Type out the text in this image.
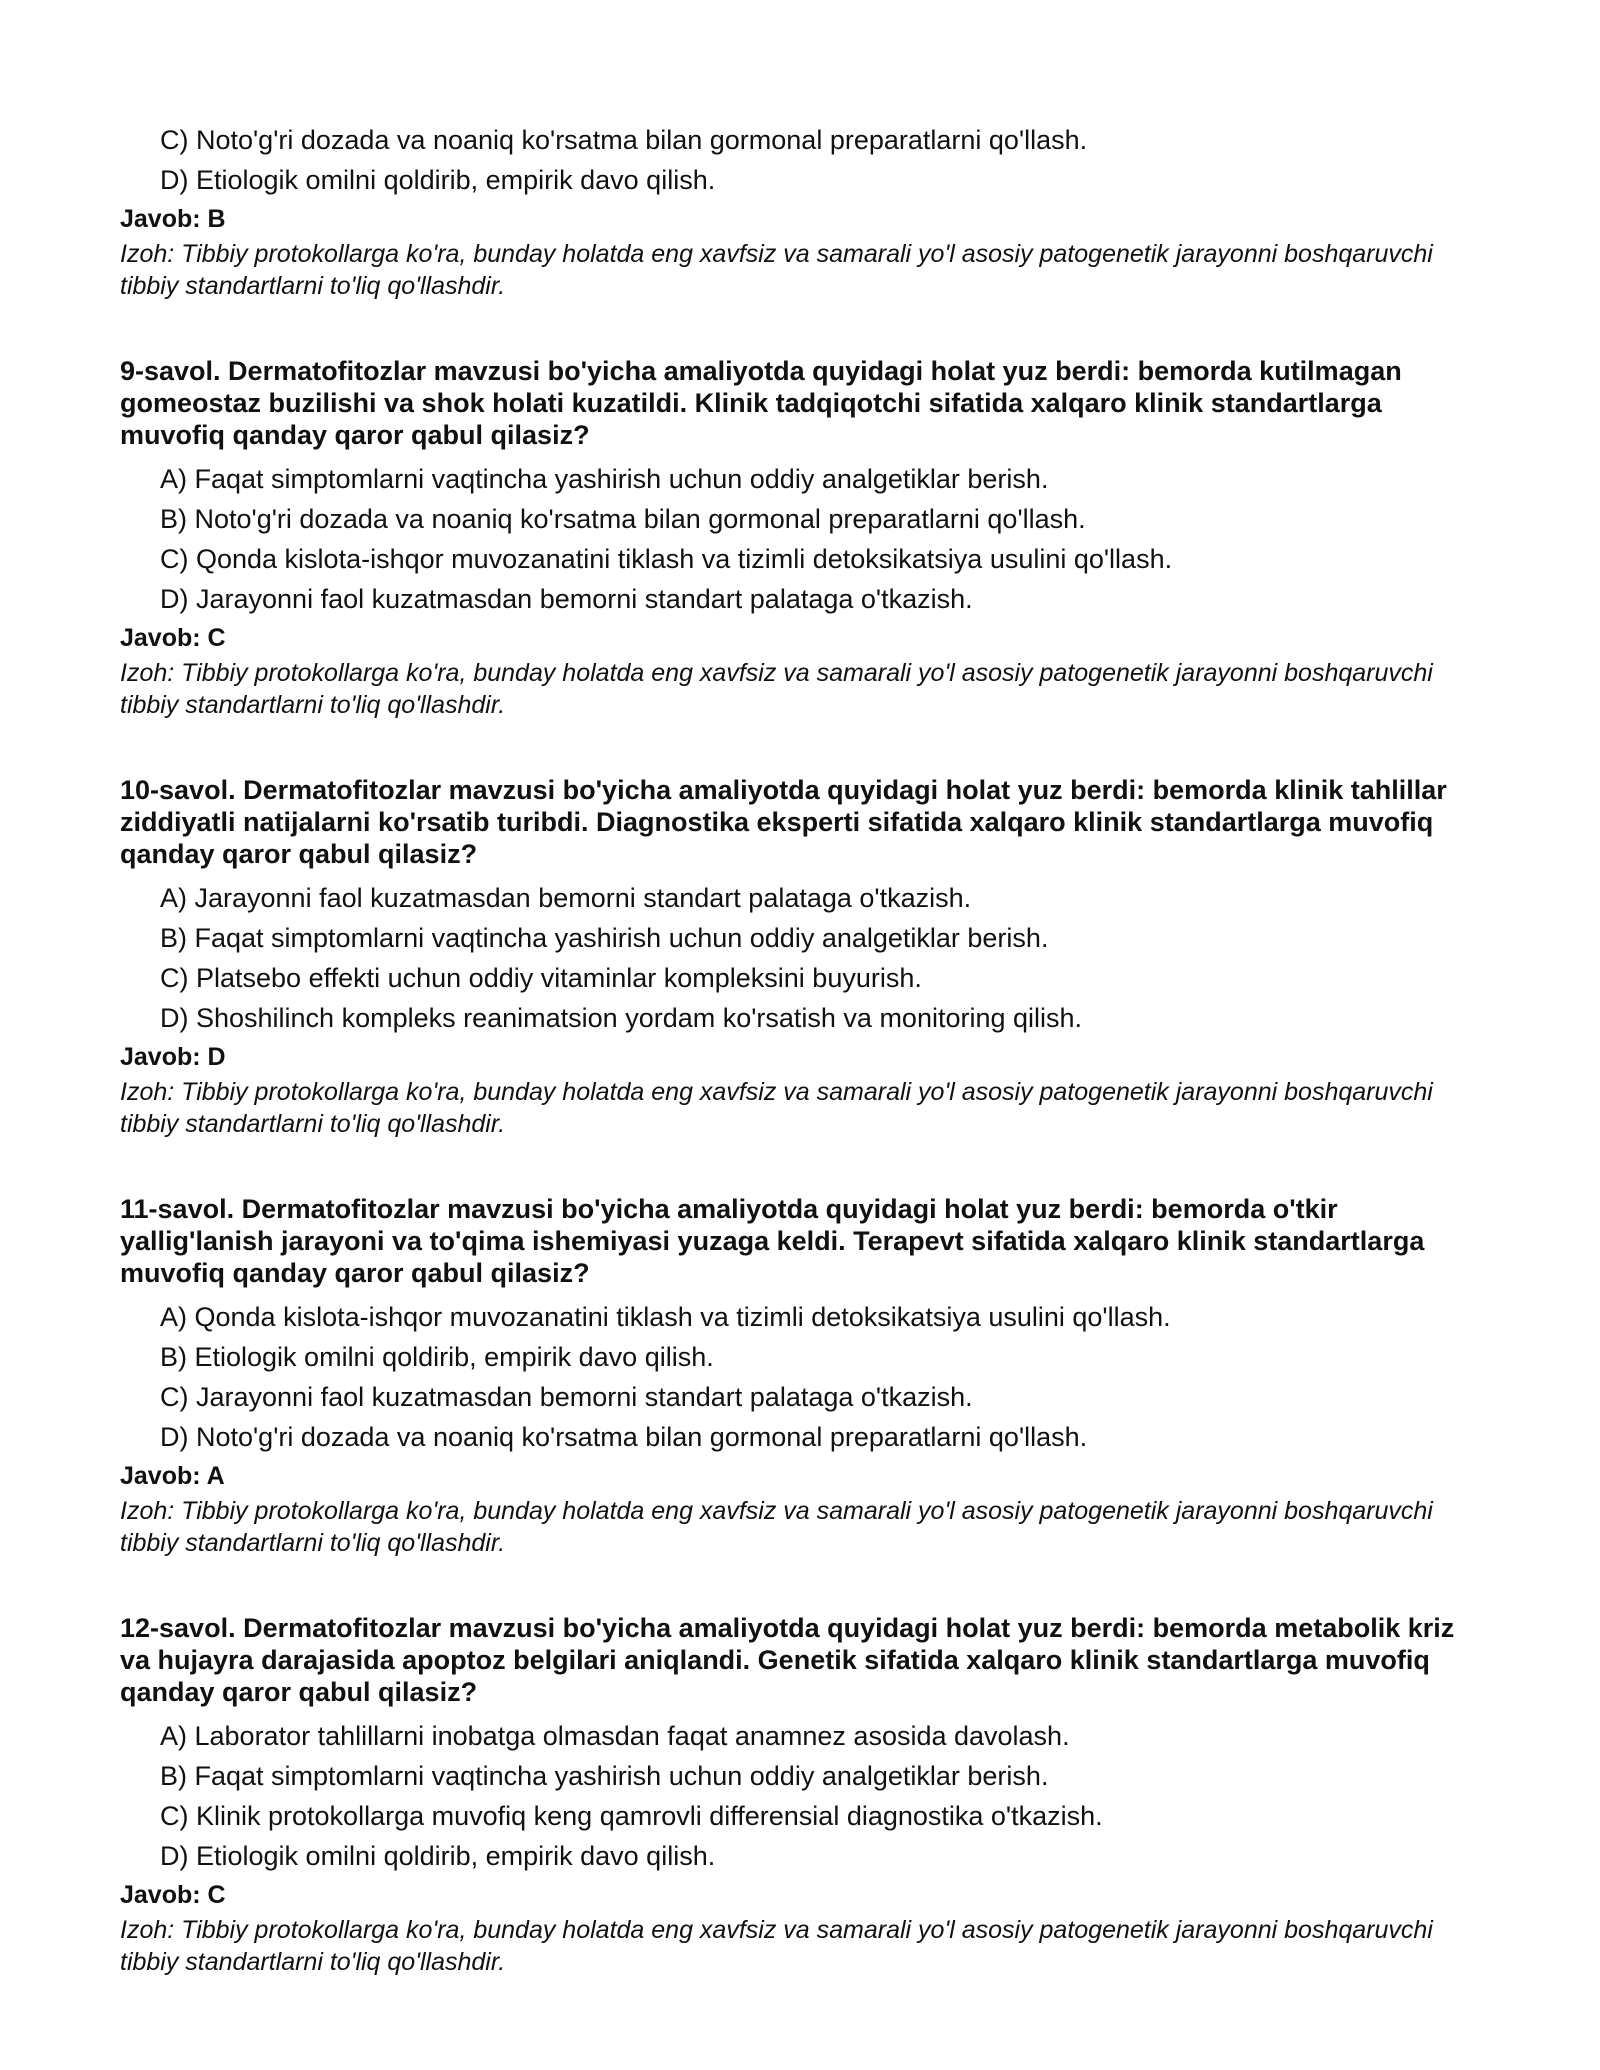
C) Noto'g'ri dozada va noaniq ko'rsatma bilan gormonal preparatlarni qo'llash.
D) Etiologik omilni qoldirib, empirik davo qilish.
Javob: B
Izoh: Tibbiy protokollarga ko'ra, bunday holatda eng xavfsiz va samarali yo'l asosiy patogenetik jarayonni boshqaruvchi tibbiy standartlarni to'liq qo'llashdir.
9-savol. Dermatofitozlar mavzusi bo'yicha amaliyotda quyidagi holat yuz berdi: bemorda kutilmagan gomeostaz buzilishi va shok holati kuzatildi. Klinik tadqiqotchi sifatida xalqaro klinik standartlarga muvofiq qanday qaror qabul qilasiz?
A) Faqat simptomlarni vaqtincha yashirish uchun oddiy analgetiklar berish.
B) Noto'g'ri dozada va noaniq ko'rsatma bilan gormonal preparatlarni qo'llash.
C) Qonda kislota-ishqor muvozanatini tiklash va tizimli detoksikatsiya usulini qo'llash.
D) Jarayonni faol kuzatmasdan bemorni standart palataga o'tkazish.
Javob: C
Izoh: Tibbiy protokollarga ko'ra, bunday holatda eng xavfsiz va samarali yo'l asosiy patogenetik jarayonni boshqaruvchi tibbiy standartlarni to'liq qo'llashdir.
10-savol. Dermatofitozlar mavzusi bo'yicha amaliyotda quyidagi holat yuz berdi: bemorda klinik tahlillar ziddiyatli natijalarni ko'rsatib turibdi. Diagnostika eksperti sifatida xalqaro klinik standartlarga muvofiq qanday qaror qabul qilasiz?
A) Jarayonni faol kuzatmasdan bemorni standart palataga o'tkazish.
B) Faqat simptomlarni vaqtincha yashirish uchun oddiy analgetiklar berish.
C) Platsebo effekti uchun oddiy vitaminlar kompleksini buyurish.
D) Shoshilinch kompleks reanimatsion yordam ko'rsatish va monitoring qilish.
Javob: D
Izoh: Tibbiy protokollarga ko'ra, bunday holatda eng xavfsiz va samarali yo'l asosiy patogenetik jarayonni boshqaruvchi tibbiy standartlarni to'liq qo'llashdir.
11-savol. Dermatofitozlar mavzusi bo'yicha amaliyotda quyidagi holat yuz berdi: bemorda o'tkir yallig'lanish jarayoni va to'qima ishemiyasi yuzaga keldi. Terapevt sifatida xalqaro klinik standartlarga muvofiq qanday qaror qabul qilasiz?
A) Qonda kislota-ishqor muvozanatini tiklash va tizimli detoksikatsiya usulini qo'llash.
B) Etiologik omilni qoldirib, empirik davo qilish.
C) Jarayonni faol kuzatmasdan bemorni standart palataga o'tkazish.
D) Noto'g'ri dozada va noaniq ko'rsatma bilan gormonal preparatlarni qo'llash.
Javob: A
Izoh: Tibbiy protokollarga ko'ra, bunday holatda eng xavfsiz va samarali yo'l asosiy patogenetik jarayonni boshqaruvchi tibbiy standartlarni to'liq qo'llashdir.
12-savol. Dermatofitozlar mavzusi bo'yicha amaliyotda quyidagi holat yuz berdi: bemorda metabolik kriz va hujayra darajasida apoptoz belgilari aniqlandi. Genetik sifatida xalqaro klinik standartlarga muvofiq qanday qaror qabul qilasiz?
A) Laborator tahlillarni inobatga olmasdan faqat anamnez asosida davolash.
B) Faqat simptomlarni vaqtincha yashirish uchun oddiy analgetiklar berish.
C) Klinik protokollarga muvofiq keng qamrovli differensial diagnostika o'tkazish.
D) Etiologik omilni qoldirib, empirik davo qilish.
Javob: C
Izoh: Tibbiy protokollarga ko'ra, bunday holatda eng xavfsiz va samarali yo'l asosiy patogenetik jarayonni boshqaruvchi tibbiy standartlarni to'liq qo'llashdir.
